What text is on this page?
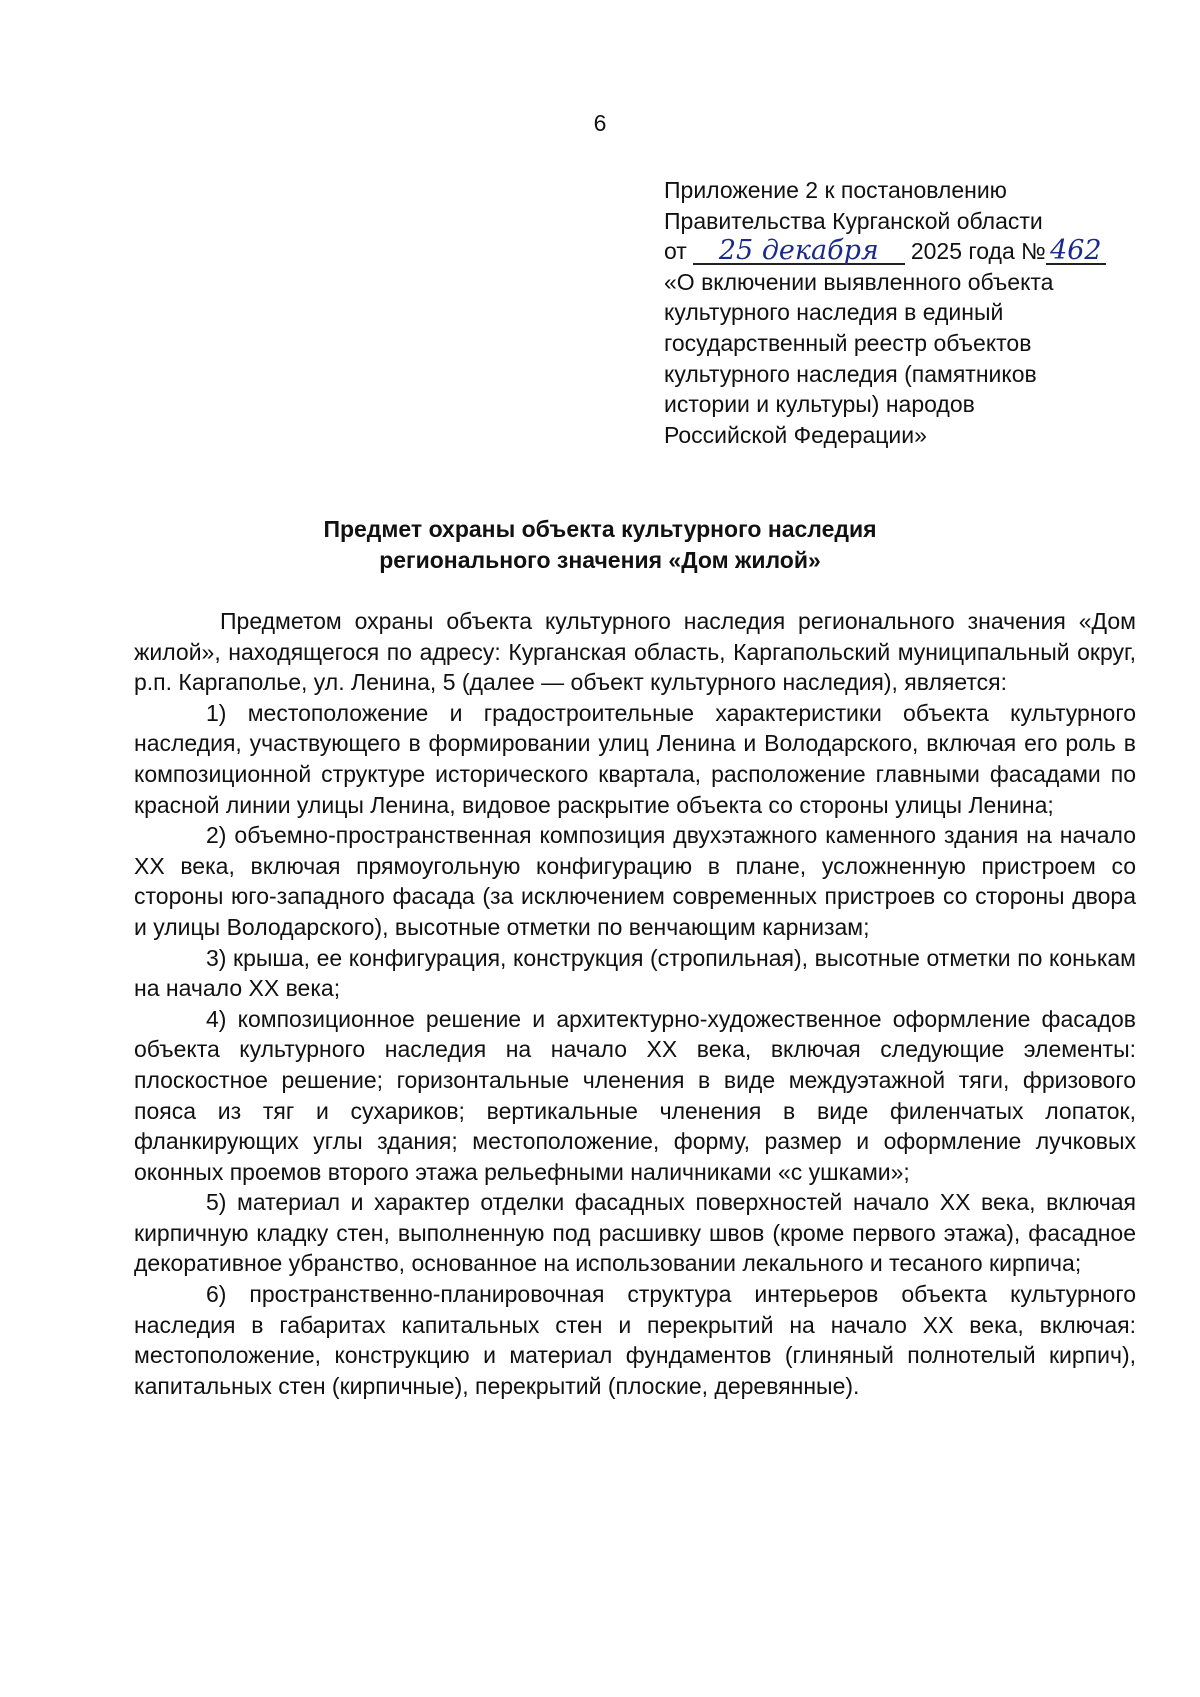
6
Приложение 2 к постановлению
Правительства Курганской области
от 25 декабря 2025 года № 462
«О включении выявленного объекта
культурного наследия в единый
государственный реестр объектов
культурного наследия (памятников
истории и культуры) народов
Российской Федерации»
Предмет охраны объекта культурного наследия
регионального значения «Дом жилой»

Предметом охраны объекта культурного наследия регионального значения «Дом жилой», находящегося по адресу: Курганская область, Каргапольский муниципальный округ, р.п. Каргаполье, ул. Ленина, 5 (далее — объект культурного наследия), является:

1) местоположение и градостроительные характеристики объекта культурного наследия, участвующего в формировании улиц Ленина и Володарского, включая его роль в композиционной структуре исторического квартала, расположение главными фасадами по красной линии улицы Ленина, видовое раскрытие объекта со стороны улицы Ленина;

2) объемно-пространственная композиция двухэтажного каменного здания на начало XX века, включая прямоугольную конфигурацию в плане, усложненную пристроем со стороны юго-западного фасада (за исключением современных пристроев со стороны двора и улицы Володарского), высотные отметки по венчающим карнизам;

3) крыша, ее конфигурация, конструкция (стропильная), высотные отметки по конькам на начало XX века;

4) композиционное решение и архитектурно-художественное оформление фасадов объекта культурного наследия на начало XX века, включая следующие элементы: плоскостное решение; горизонтальные членения в виде междуэтажной тяги, фризового пояса из тяг и сухариков; вертикальные членения в виде филенчатых лопаток, фланкирующих углы здания; местоположение, форму, размер и оформление лучковых оконных проемов второго этажа рельефными наличниками «с ушками»;

5) материал и характер отделки фасадных поверхностей начало XX века, включая кирпичную кладку стен, выполненную под расшивку швов (кроме первого этажа), фасадное декоративное убранство, основанное на использовании лекального и тесаного кирпича;

6) пространственно-планировочная структура интерьеров объекта культурного наследия в габаритах капитальных стен и перекрытий на начало XX века, включая: местоположение, конструкцию и материал фундаментов (глиняный полнотелый кирпич), капитальных стен (кирпичные), перекрытий (плоские, деревянные).
